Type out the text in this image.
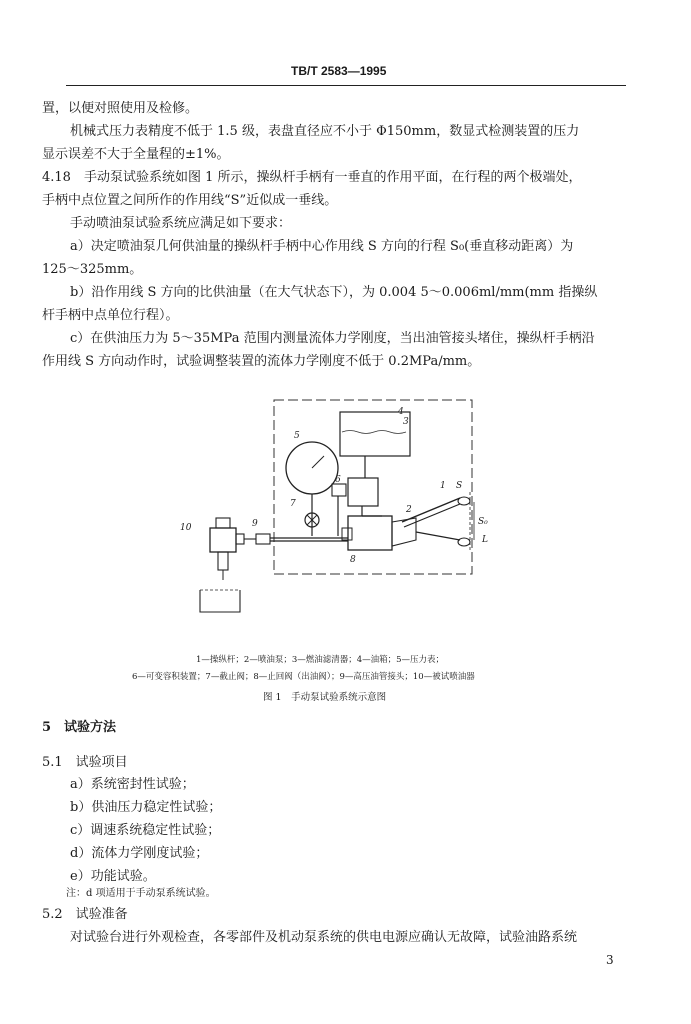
TB/T 2583—1995
置，以便对照使用及检修。
机械式压力表精度不低于 1.5 级，表盘直径应不小于 Φ150mm，数显式检测装置的压力
显示误差不大于全量程的±1%。
4.18　手动泵试验系统如图 1 所示，操纵杆手柄有一垂直的作用平面，在行程的两个极端处，
手柄中点位置之间所作的作用线“S”近似成一垂线。
手动喷油泵试验系统应满足如下要求：
a）决定喷油泵几何供油量的操纵杆手柄中心作用线 S 方向的行程 S₀(垂直移动距离）为
125～325mm。
b）沿作用线 S 方向的比供油量（在大气状态下），为 0.004 5～0.006ml/mm(mm 指操纵
杆手柄中点单位行程）。
c）在供油压力为 5～35MPa 范围内测量流体力学刚度，当出油管接头堵住，操纵杆手柄沿
作用线 S 方向动作时，试验调整装置的流体力学刚度不低于 0.2MPa/mm。
1
2
3
4
5
6
7
8
9
10
S
S₀
L
1—操纵杆；2—喷油泵；3—燃油滤清器；4—油箱；5—压力表；
6—可变容积装置；7—截止阀；8—止回阀（出油阀）；9—高压油管接头；10—被试喷油器
图 1　手动泵试验系统示意图
5　试验方法
5.1　试验项目
a）系统密封性试验；
b）供油压力稳定性试验；
c）调速系统稳定性试验；
d）流体力学刚度试验；
e）功能试验。
注：d 项适用于手动泵系统试验。
5.2　试验准备
对试验台进行外观检查，各零部件及机动泵系统的供电电源应确认无故障，试验油路系统
3
